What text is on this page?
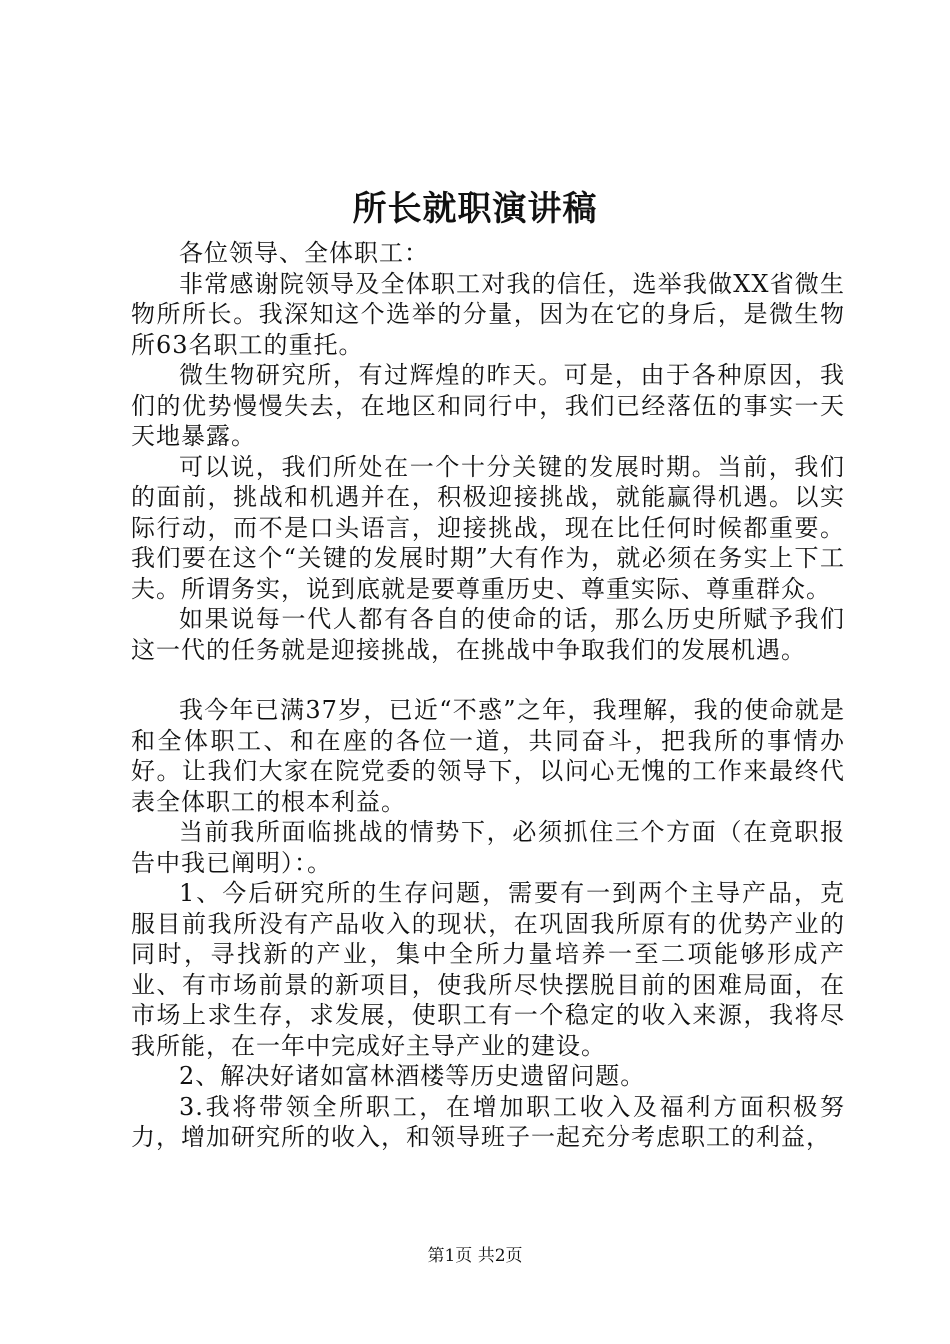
所长就职演讲稿

各位领导、全体职工：

非常感谢院领导及全体职工对我的信任，选举我做XX省微生物所所长。我深知这个选举的分量，因为在它的身后，是微生物所63名职工的重托。

微生物研究所，有过辉煌的昨天。可是，由于各种原因，我们的优势慢慢失去，在地区和同行中，我们已经落伍的事实一天天地暴露。

可以说，我们所处在一个十分关键的发展时期。当前，我们的面前，挑战和机遇并在，积极迎接挑战，就能赢得机遇。以实际行动，而不是口头语言，迎接挑战，现在比任何时候都重要。我们要在这个“关键的发展时期”大有作为，就必须在务实上下工夫。所谓务实，说到底就是要尊重历史、尊重实际、尊重群众。

如果说每一代人都有各自的使命的话，那么历史所赋予我们这一代的任务就是迎接挑战，在挑战中争取我们的发展机遇。

我今年已满37岁，已近“不惑”之年，我理解，我的使命就是和全体职工、和在座的各位一道，共同奋斗，把我所的事情办好。让我们大家在院党委的领导下，以问心无愧的工作来最终代表全体职工的根本利益。

当前我所面临挑战的情势下，必须抓住三个方面（在竟职报告中我已阐明）：。

1、今后研究所的生存问题，需要有一到两个主导产品，克服目前我所没有产品收入的现状，在巩固我所原有的优势产业的同时，寻找新的产业，集中全所力量培养一至二项能够形成产业、有市场前景的新项目，使我所尽快摆脱目前的困难局面，在市场上求生存，求发展，使职工有一个稳定的收入来源，我将尽我所能，在一年中完成好主导产业的建设。

2、解决好诸如富林酒楼等历史遗留问题。

3.我将带领全所职工，在增加职工收入及福利方面积极努力，增加研究所的收入，和领导班子一起充分考虑职工的利益，

第1页 共2页
